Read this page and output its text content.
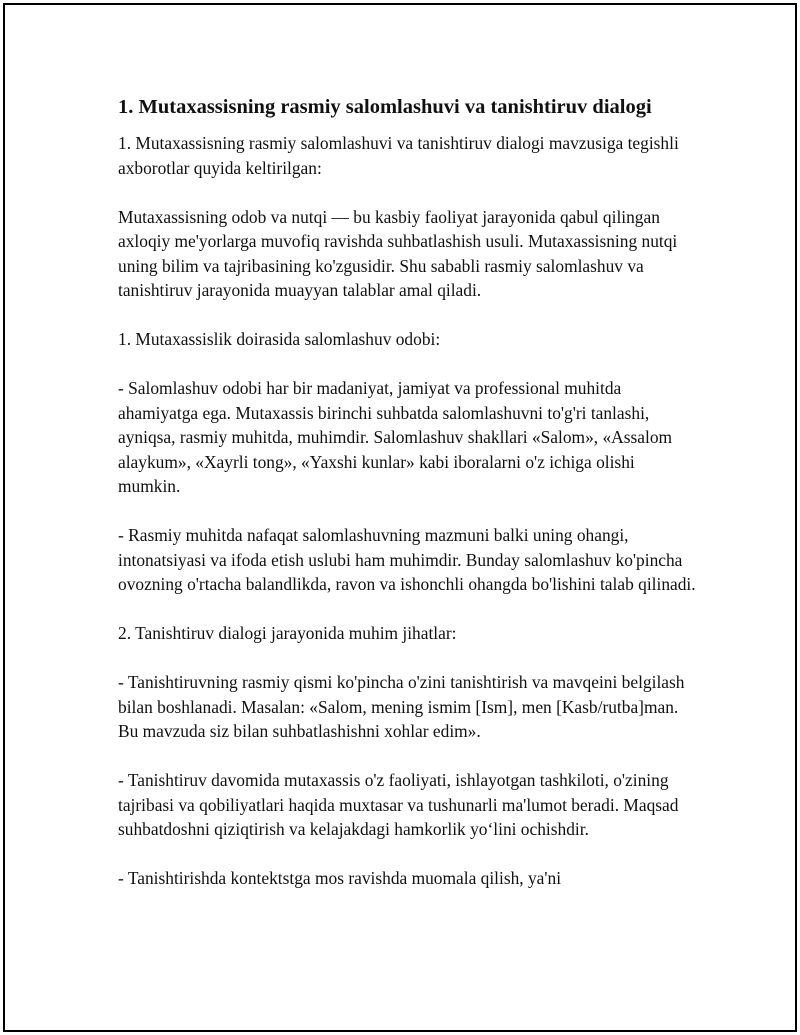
1. Mutaxassisning rasmiy salomlashuvi va tanishtiruv dialogi

1. Mutaxassisning rasmiy salomlashuvi va tanishtiruv dialogi mavzusiga tegishli axborotlar quyida keltirilgan:

Mutaxassisning odob va nutqi — bu kasbiy faoliyat jarayonida qabul qilingan axloqiy me'yorlarga muvofiq ravishda suhbatlashish usuli. Mutaxassisning nutqi uning bilim va tajribasining ko'zgusidir. Shu sababli rasmiy salomlashuv va tanishtiruv jarayonida muayyan talablar amal qiladi.

1. Mutaxassislik doirasida salomlashuv odobi:

- Salomlashuv odobi har bir madaniyat, jamiyat va professional muhitda ahamiyatga ega. Mutaxassis birinchi suhbatda salomlashuvni to'g'ri tanlashi, ayniqsa, rasmiy muhitda, muhimdir. Salomlashuv shakllari «Salom», «Assalom alaykum», «Xayrli tong», «Yaxshi kunlar» kabi iboralarni o'z ichiga olishi mumkin.

- Rasmiy muhitda nafaqat salomlashuvning mazmuni balki uning ohangi, intonatsiyasi va ifoda etish uslubi ham muhimdir. Bunday salomlashuv ko'pincha ovozning o'rtacha balandlikda, ravon va ishonchli ohangda bo'lishini talab qilinadi.

2. Tanishtiruv dialogi jarayonida muhim jihatlar:

- Tanishtiruvning rasmiy qismi ko'pincha o'zini tanishtirish va mavqeini belgilash bilan boshlanadi. Masalan: «Salom, mening ismim [Ism], men [Kasb/rutba]man. Bu mavzuda siz bilan suhbatlashishni xohlar edim».

- Tanishtiruv davomida mutaxassis o'z faoliyati, ishlayotgan tashkiloti, o'zining tajribasi va qobiliyatlari haqida muxtasar va tushunarli ma'lumot beradi. Maqsad suhbatdoshni qiziqtirish va kelajakdagi hamkorlik yo‘lini ochishdir.

- Tanishtirishda kontektstga mos ravishda muomala qilish, ya'ni
